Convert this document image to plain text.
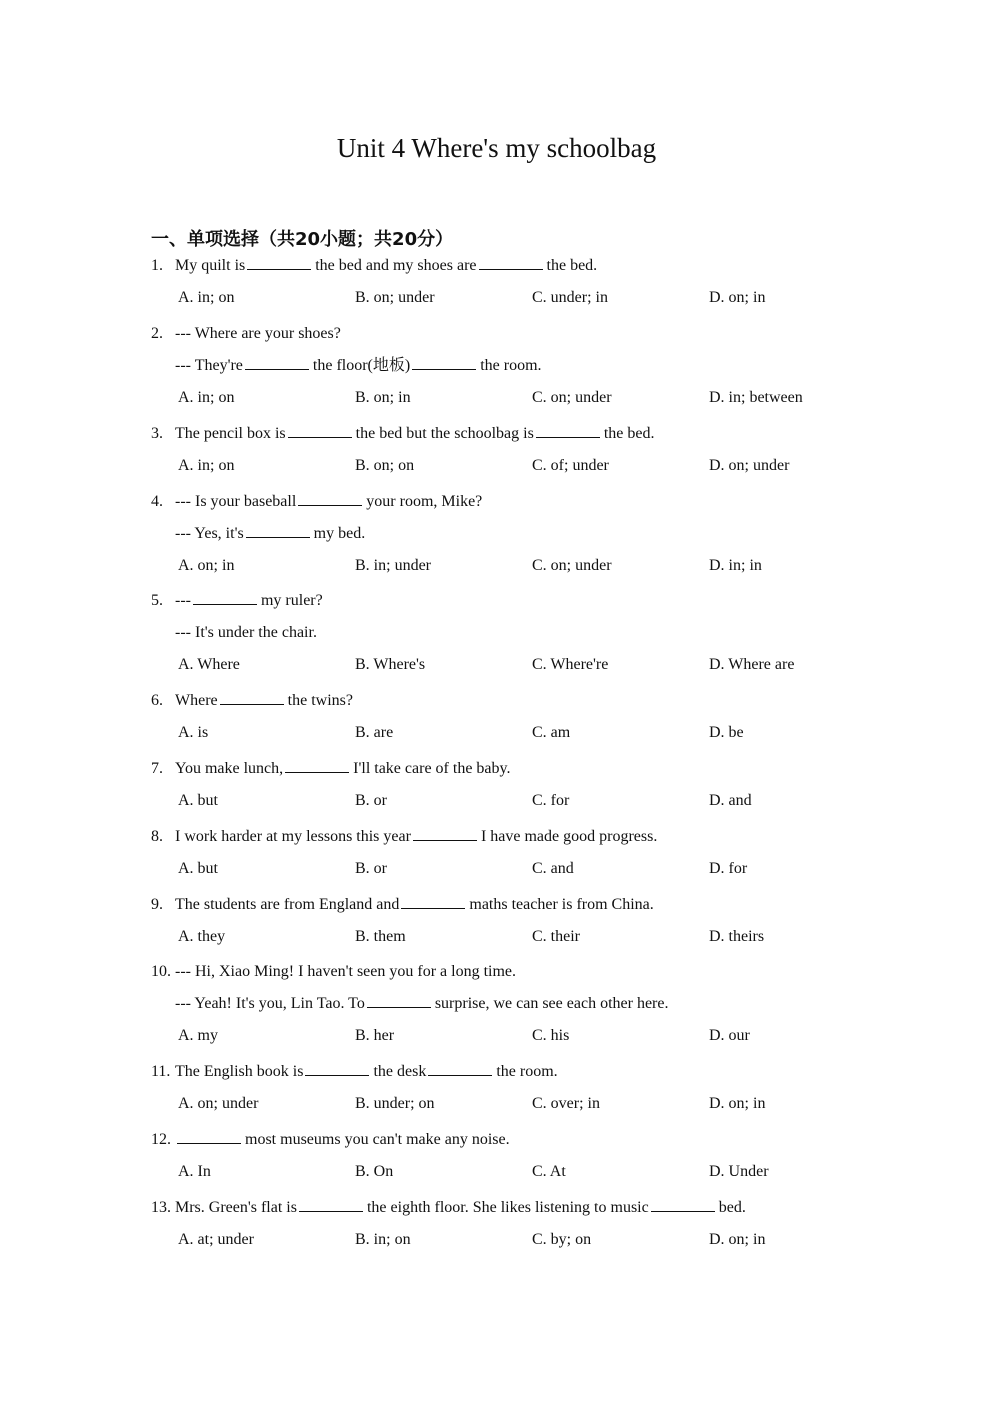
Unit 4 Where's my schoolbag
一、单项选择（共20小题；共20分）
1. My quilt is	the bed and my shoes are	the bed.
A. in; on	B. on; under	C. under; in	D. on; in
2. --- Where are your shoes?
--- They're	the floor(地板)	the room.
A. in; on	B. on; in	C. on; under	D. in; between
3. The pencil box is	the bed but the schoolbag is	the bed.
A. in; on	B. on; on	C. of; under	D. on; under
4. --- Is your baseball	your room, Mike?
--- Yes, it's	my bed.
A. on; in	B. in; under	C. on; under	D. in; in
5. ---	my ruler?
--- It's under the chair.
A. Where	B. Where's	C. Where're	D. Where are
6. Where	the twins?
A. is	B. are	C. am	D. be
7. You make lunch,	I'll take care of the baby.
A. but	B. or	C. for	D. and
8. I work harder at my lessons this year	I have made good progress.
A. but	B. or	C. and	D. for
9. The students are from England and	maths teacher is from China.
A. they	B. them	C. their	D. theirs
10. --- Hi, Xiao Ming! I haven't seen you for a long time.
--- Yeah! It's you, Lin Tao. To	surprise, we can see each other here.
A. my	B. her	C. his	D. our
11. The English book is	the desk	the room.
A. on; under	B. under; on	C. over; in	D. on; in
12.	most museums you can't make any noise.
A. In	B. On	C. At	D. Under
13. Mrs. Green's flat is	the eighth floor. She likes listening to music	bed.
A. at; under	B. in; on	C. by; on	D. on; in
